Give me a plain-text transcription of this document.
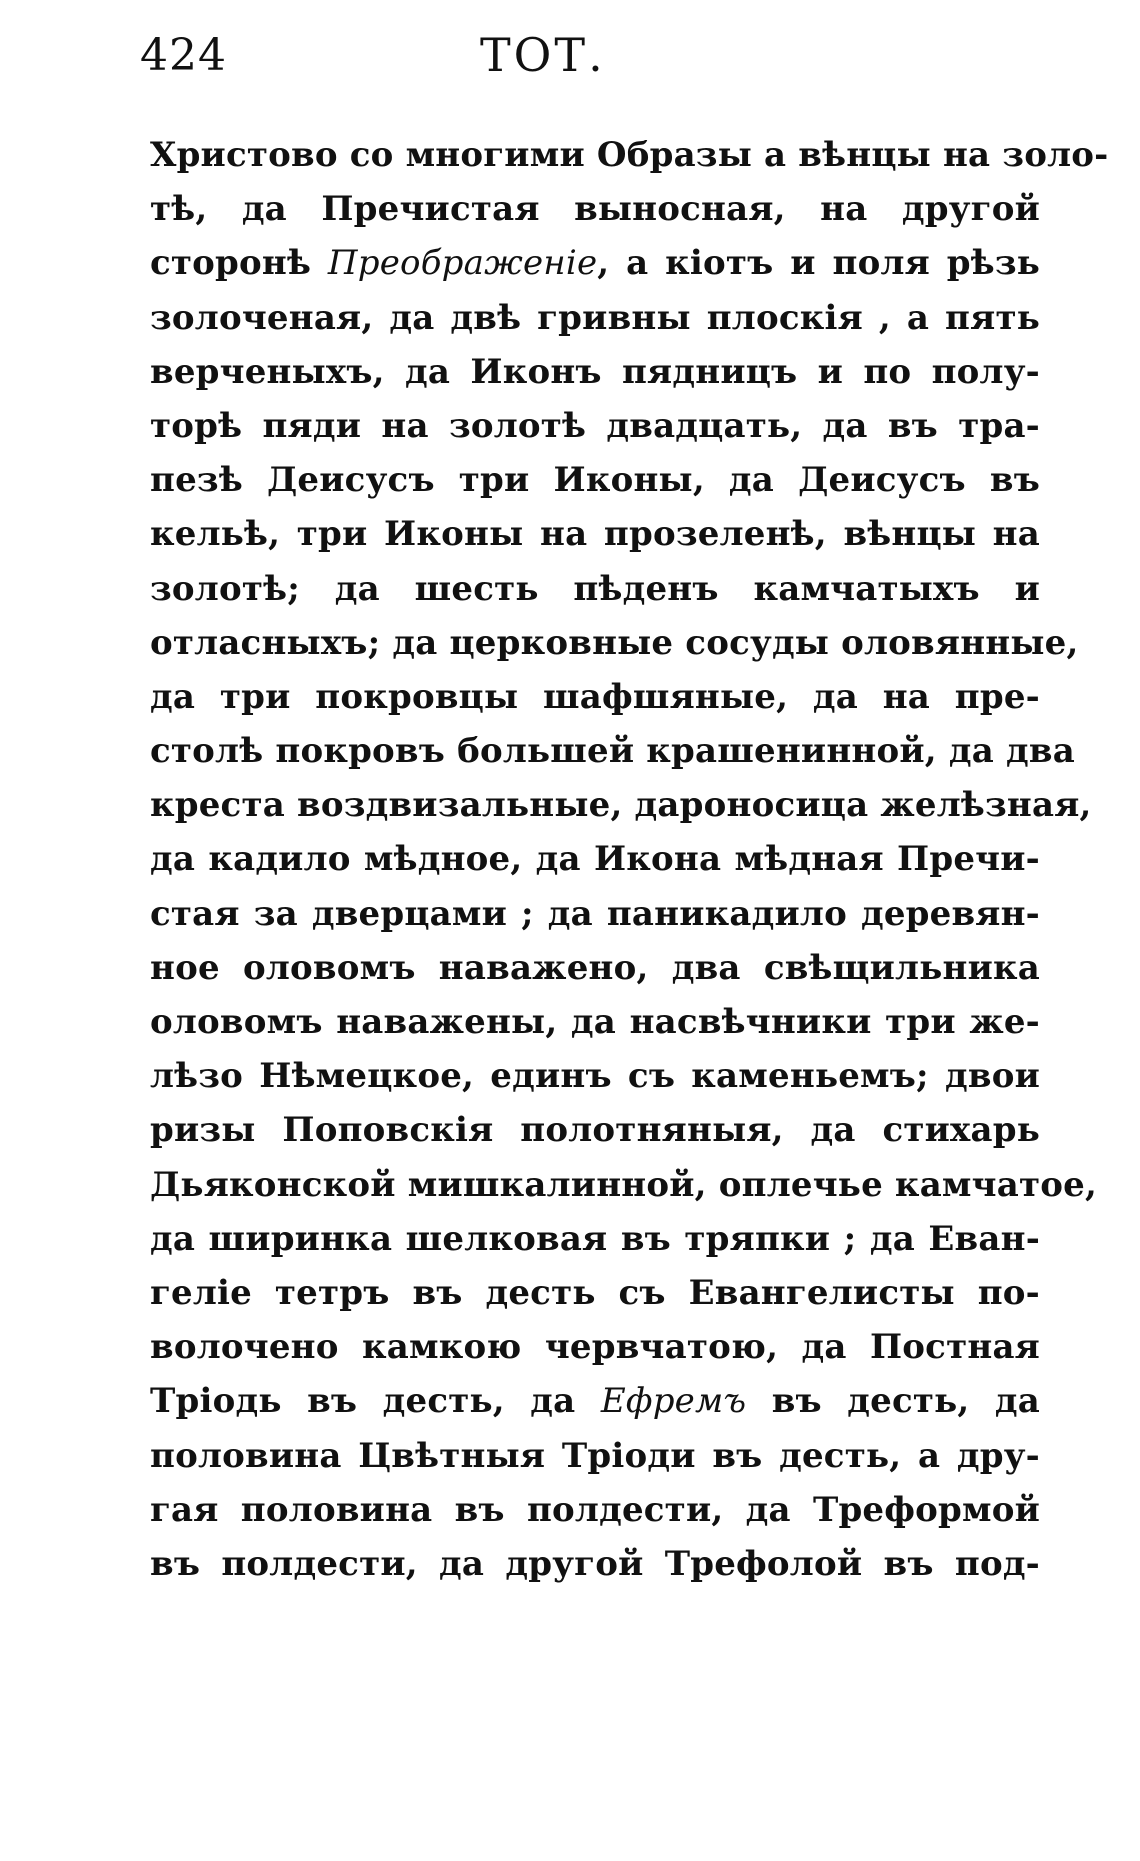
424	ТОТ.
Христово со многими Образы а вѣнцы на золо-
тѣ, да Пречистая выносная, на другой
сторонѣ Преображеніе, а кіотъ и поля рѣзь
золоченая, да двѣ гривны плоскія , а пять
верченыхъ, да Иконъ пядницъ и по полу-
торѣ пяди на золотѣ двадцать, да въ тра-
пезѣ Деисусъ три Иконы, да Деисусъ въ
кельѣ, три Иконы на прозеленѣ, вѣнцы на
золотѣ; да шесть пѣденъ камчатыхъ и
отласныхъ; да церковные сосуды оловянные,
да три покровцы шафшяные, да на пре-
столѣ покровъ большей крашенинной, да два
креста воздвизальные, дароносица желѣзная,
да кадило мѣдное, да Икона мѣдная Пречи-
стая за дверцами ; да паникадило деревян-
ное оловомъ наважено, два свѣщильника
оловомъ наважены, да насвѣчники три же-
лѣзо Нѣмецкое, единъ съ каменьемъ; двои
ризы Поповскія полотняныя, да стихарь
Дьяконской мишкалинной, оплечье камчатое,
да ширинка шелковая въ тряпки ; да Еван-
геліе тетръ въ десть съ Евангелисты по-
волочено камкою червчатою, да Постная
Тріодь въ десть, да Ефремъ въ десть, да
половина Цвѣтныя Тріоди въ десть, а дру-
гая половина въ полдести, да Треформой
въ полдести, да другой Трефолой въ под-
